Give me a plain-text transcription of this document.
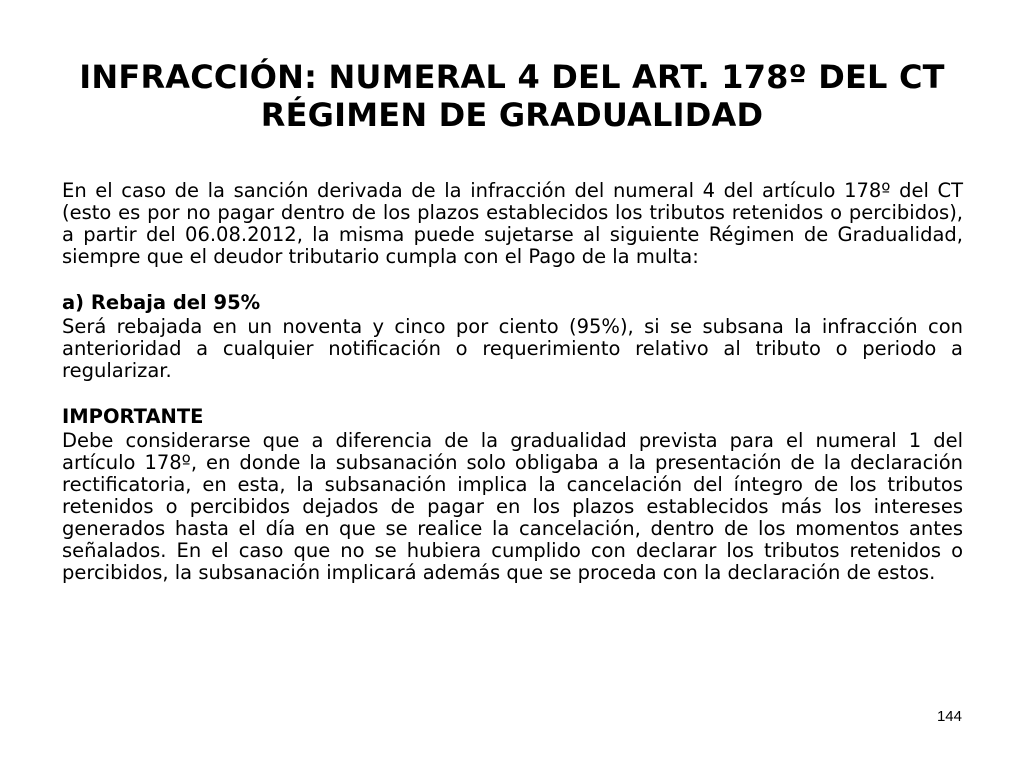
INFRACCIÓN: NUMERAL 4 DEL ART. 178º DEL CT
RÉGIMEN DE GRADUALIDAD

En el caso de la sanción derivada de la infracción del numeral 4 del artículo 178º del CT (esto es por no pagar dentro de los plazos establecidos los tributos retenidos o percibidos), a partir del 06.08.2012, la misma puede sujetarse al siguiente Régimen de Gradualidad, siempre que el deudor tributario cumpla con el Pago de la multa:

a) Rebaja del 95%

Será rebajada en un noventa y cinco por ciento (95%), si se subsana la infracción con anterioridad a cualquier notificación o requerimiento relativo al tributo o periodo a regularizar.

IMPORTANTE

Debe considerarse que a diferencia de la gradualidad prevista para el numeral 1 del artículo 178º, en donde la subsanación solo obligaba a la presentación de la declaración rectificatoria, en esta, la subsanación implica la cancelación del íntegro de los tributos retenidos o percibidos dejados de pagar en los plazos establecidos más los intereses generados hasta el día en que se realice la cancelación, dentro de los momentos antes señalados. En el caso que no se hubiera cumplido con declarar los tributos retenidos o percibidos, la subsanación implicará además que se proceda con la declaración de estos.

144
